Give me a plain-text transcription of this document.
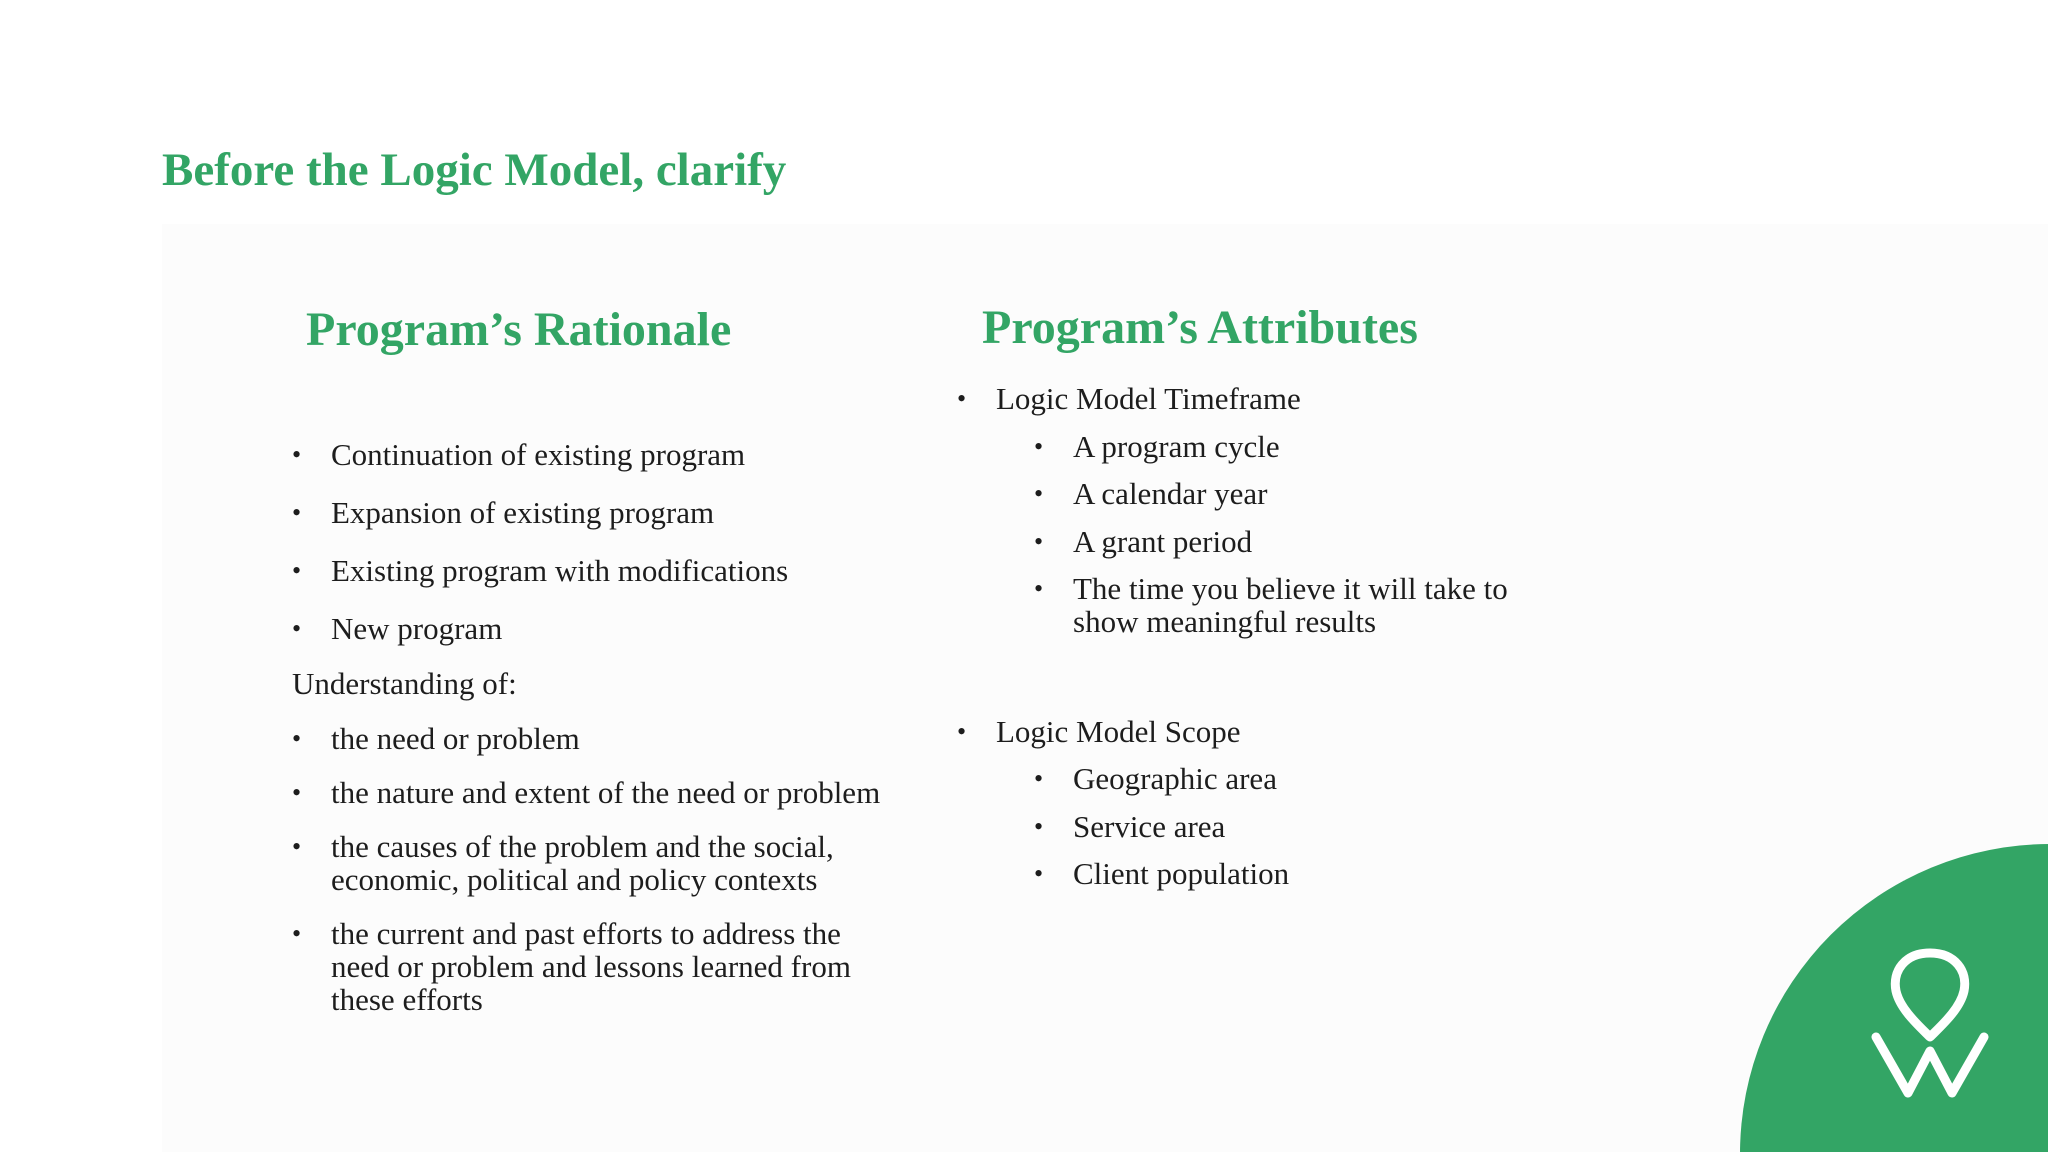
Before the Logic Model, clarify
Program’s Rationale
• Continuation of existing program
• Expansion of existing program
• Existing program with modifications
• New program
Understanding of:
• the need or problem
• the nature and extent of the need or problem
• the causes of the problem and the social,
economic, political and policy contexts
• the current and past efforts to address the
need or problem and lessons learned from
these efforts
Program’s Attributes
• Logic Model Timeframe
• A program cycle
• A calendar year
• A grant period
• The time you believe it will take to
show meaningful results
• Logic Model Scope
• Geographic area
• Service area
• Client population
